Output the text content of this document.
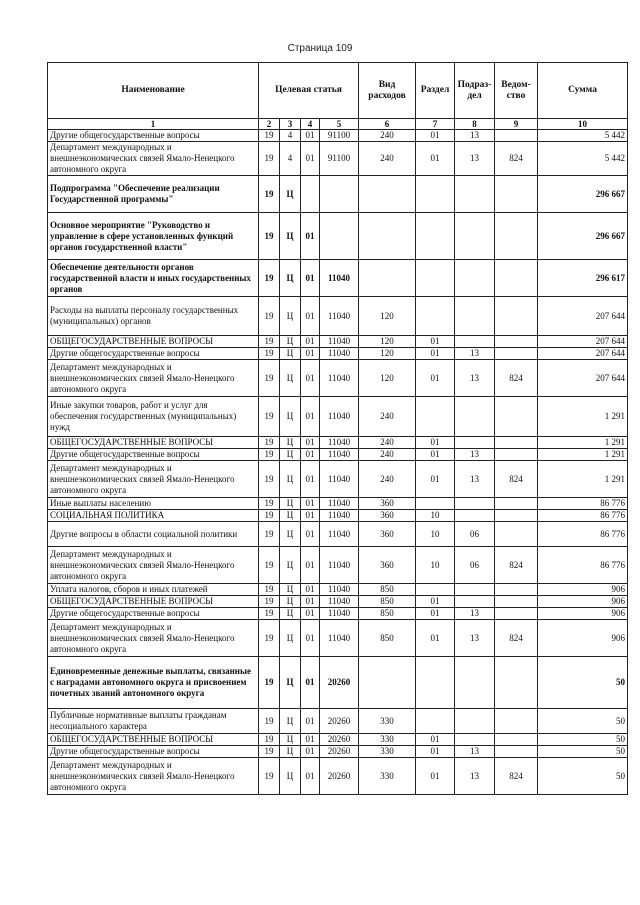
Страница 109
Наименование	Целевая статья				Вид расходов	Раздел	Подраз-дел	Ведом-ство	Сумма
1	2	3	4	5	6	7	8	9	10
Другие общегосударственные вопросы	19	4	01	91100	240	01	13		5 442
Департамент международных и внешнеэкономических связей Ямало-Ненецкого автономного округа	19	4	01	91100	240	01	13	824	5 442
Подпрограмма "Обеспечение реализации Государственной программы"	19	Ц							296 667
Основное мероприятие "Руководство и управление в сфере установленных функций органов государственной власти"	19	Ц	01						296 667
Обеспечение деятельности органов государственной власти и иных государственных органов	19	Ц	01	11040					296 617
Расходы на выплаты персоналу государственных (муниципальных) органов	19	Ц	01	11040	120				207 644
ОБЩЕГОСУДАРСТВЕННЫЕ ВОПРОСЫ	19	Ц	01	11040	120	01			207 644
Другие общегосударственные вопросы	19	Ц	01	11040	120	01	13		207 644
Департамент международных и внешнеэкономических связей Ямало-Ненецкого автономного округа	19	Ц	01	11040	120	01	13	824	207 644
Иные закупки товаров, работ и услуг для обеспечения государственных (муниципальных) нужд	19	Ц	01	11040	240				1 291
ОБЩЕГОСУДАРСТВЕННЫЕ ВОПРОСЫ	19	Ц	01	11040	240	01			1 291
Другие общегосударственные вопросы	19	Ц	01	11040	240	01	13		1 291
Департамент международных и внешнеэкономических связей Ямало-Ненецкого автономного округа	19	Ц	01	11040	240	01	13	824	1 291
Иные выплаты населению	19	Ц	01	11040	360				86 776
СОЦИАЛЬНАЯ ПОЛИТИКА	19	Ц	01	11040	360	10			86 776
Другие вопросы в области социальной политики	19	Ц	01	11040	360	10	06		86 776
Департамент международных и внешнеэкономических связей Ямало-Ненецкого автономного округа	19	Ц	01	11040	360	10	06	824	86 776
Уплата налогов, сборов и иных платежей	19	Ц	01	11040	850				906
ОБЩЕГОСУДАРСТВЕННЫЕ ВОПРОСЫ	19	Ц	01	11040	850	01			906
Другие общегосударственные вопросы	19	Ц	01	11040	850	01	13		906
Департамент международных и внешнеэкономических связей Ямало-Ненецкого автономного округа	19	Ц	01	11040	850	01	13	824	906
Единовременные денежные выплаты, связанные с наградами автономного округа и присвоением почетных званий автономного округа	19	Ц	01	20260					50
Публичные нормативные выплаты гражданам несоциального характера	19	Ц	01	20260	330				50
ОБЩЕГОСУДАРСТВЕННЫЕ ВОПРОСЫ	19	Ц	01	20260	330	01			50
Другие общегосударственные вопросы	19	Ц	01	20260	330	01	13		50
Департамент международных и внешнеэкономических связей Ямало-Ненецкого автономного округа	19	Ц	01	20260	330	01	13	824	50
